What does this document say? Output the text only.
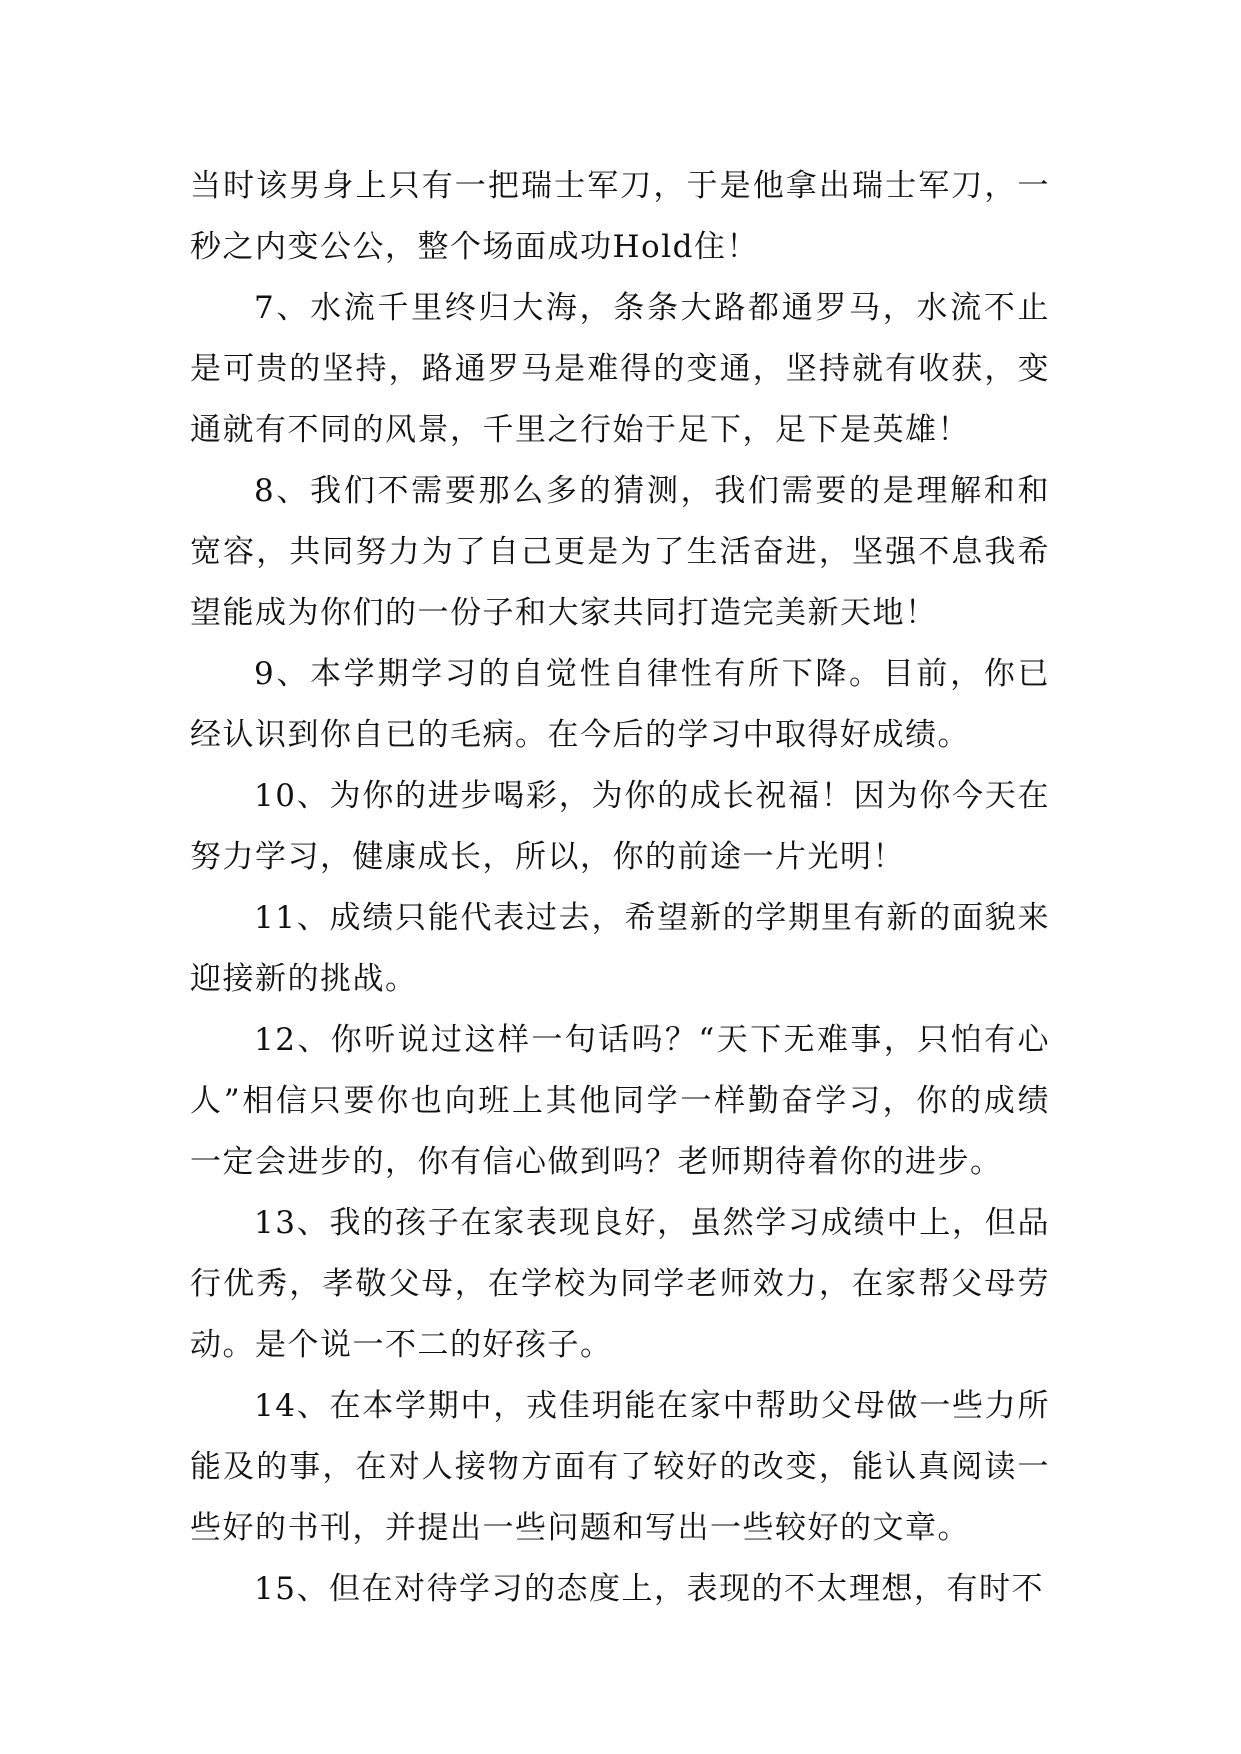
当时该男身上只有一把瑞士军刀，于是他拿出瑞士军刀，一秒之内变公公，整个场面成功Hold住！

7、水流千里终归大海，条条大路都通罗马，水流不止是可贵的坚持，路通罗马是难得的变通，坚持就有收获，变通就有不同的风景，千里之行始于足下，足下是英雄！

8、我们不需要那么多的猜测，我们需要的是理解和和宽容，共同努力为了自己更是为了生活奋进，坚强不息我希望能成为你们的一份子和大家共同打造完美新天地！

9、本学期学习的自觉性自律性有所下降。目前，你已经认识到你自已的毛病。在今后的学习中取得好成绩。

10、为你的进步喝彩，为你的成长祝福！因为你今天在努力学习，健康成长，所以，你的前途一片光明！

11、成绩只能代表过去，希望新的学期里有新的面貌来迎接新的挑战。

12、你听说过这样一句话吗？“天下无难事，只怕有心人”相信只要你也向班上其他同学一样勤奋学习，你的成绩一定会进步的，你有信心做到吗？老师期待着你的进步。

13、我的孩子在家表现良好，虽然学习成绩中上，但品行优秀，孝敬父母，在学校为同学老师效力，在家帮父母劳动。是个说一不二的好孩子。

14、在本学期中，戎佳玥能在家中帮助父母做一些力所能及的事，在对人接物方面有了较好的改变，能认真阅读一些好的书刊，并提出一些问题和写出一些较好的文章。

15、但在对待学习的态度上，表现的不太理想，有时不
